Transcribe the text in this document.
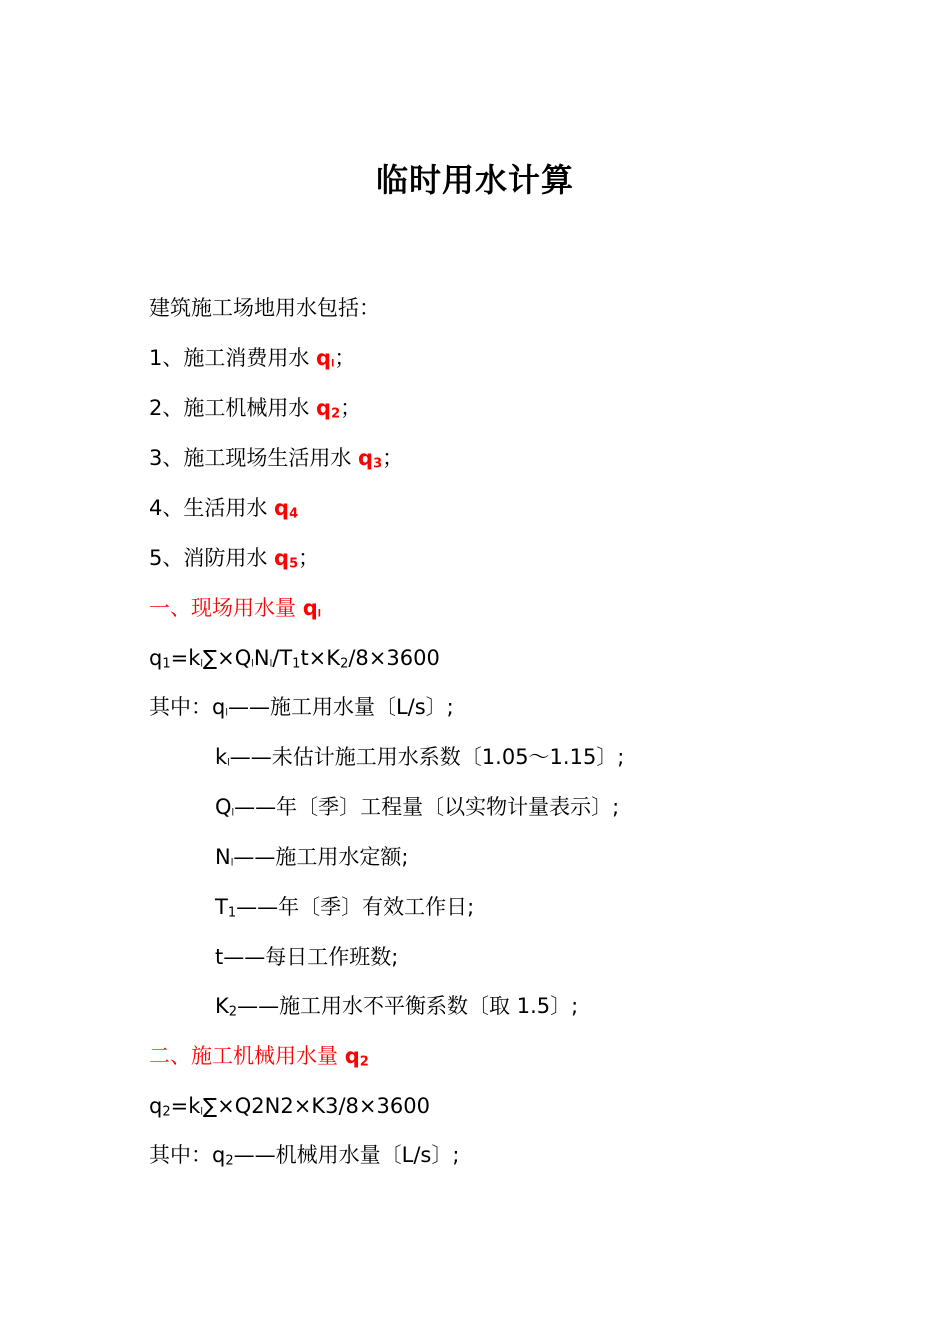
临时用水计算
建筑施工场地用水包括：
1、施工消费用水 ql；
2、施工机械用水 $q_2$；
3、施工现场生活用水 $q_3$；
4、生活用水 $q_4$
5、消防用水 $q_5$；
一、现场用水量 ql
$q_1=kl\sum\times QlNl/T_1t\times K_2/8\times 3600$
其中：ql——施工用水量〔L/s〕;
kl——未估计施工用水系数〔1.05～1.15〕;
Ql——年〔季〕工程量〔以实物计量表示〕;
Nl——施工用水定额;
$T_1——$年〔季〕有效工作日;
t——每日工作班数;
$K_2——$施工用水不平衡系数〔取 1.5〕;
二、施工机械用水量 $q_2$
$q_2=kl\sum\times Q2N2\times K3/8\times 3600$
其中：$q_2——$机械用水量〔L/s〕;
